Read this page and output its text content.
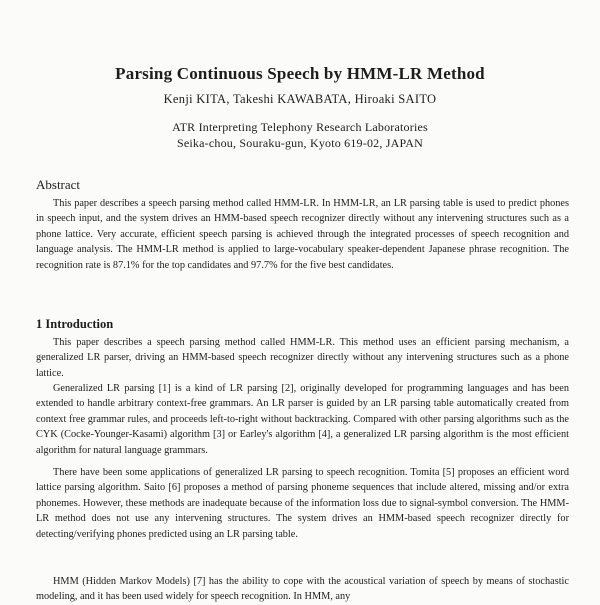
Parsing Continuous Speech by HMM-LR Method
Kenji KITA, Takeshi KAWABATA, Hiroaki SAITO
ATR Interpreting Telephony Research Laboratories
Seika-chou, Souraku-gun, Kyoto 619-02, JAPAN
Abstract

This paper describes a speech parsing method called HMM-LR. In HMM-LR, an LR parsing table is used to predict phones in speech input, and the system drives an HMM-based speech recognizer directly without any intervening structures such as a phone lattice. Very accurate, efficient speech parsing is achieved through the integrated processes of speech recognition and language analysis. The HMM-LR method is applied to large-vocabulary speaker-dependent Japanese phrase recognition. The recognition rate is 87.1% for the top candidates and 97.7% for the five best candidates.

1 Introduction

This paper describes a speech parsing method called HMM-LR. This method uses an efficient parsing mechanism, a generalized LR parser, driving an HMM-based speech recognizer directly without any intervening structures such as a phone lattice.

Generalized LR parsing [1] is a kind of LR parsing [2], originally developed for programming languages and has been extended to handle arbitrary context-free grammars. An LR parser is guided by an LR parsing table automatically created from context free grammar rules, and proceeds left-to-right without backtracking. Compared with other parsing algorithms such as the CYK (Cocke-Younger-Kasami) algorithm [3] or Earley's algorithm [4], a generalized LR parsing algorithm is the most efficient algorithm for natural language grammars.

There have been some applications of generalized LR parsing to speech recognition. Tomita [5] proposes an efficient word lattice parsing algorithm. Saito [6] proposes a method of parsing phoneme sequences that include altered, missing and/or extra phonemes. However, these methods are inadequate because of the information loss due to signal-symbol conversion. The HMM-LR method does not use any intervening structures. The system drives an HMM-based speech recognizer directly for detecting/verifying phones predicted using an LR parsing table.

HMM (Hidden Markov Models) [7] has the ability to cope with the acoustical variation of speech by means of stochastic modeling, and it has been used widely for speech recognition. In HMM, any
